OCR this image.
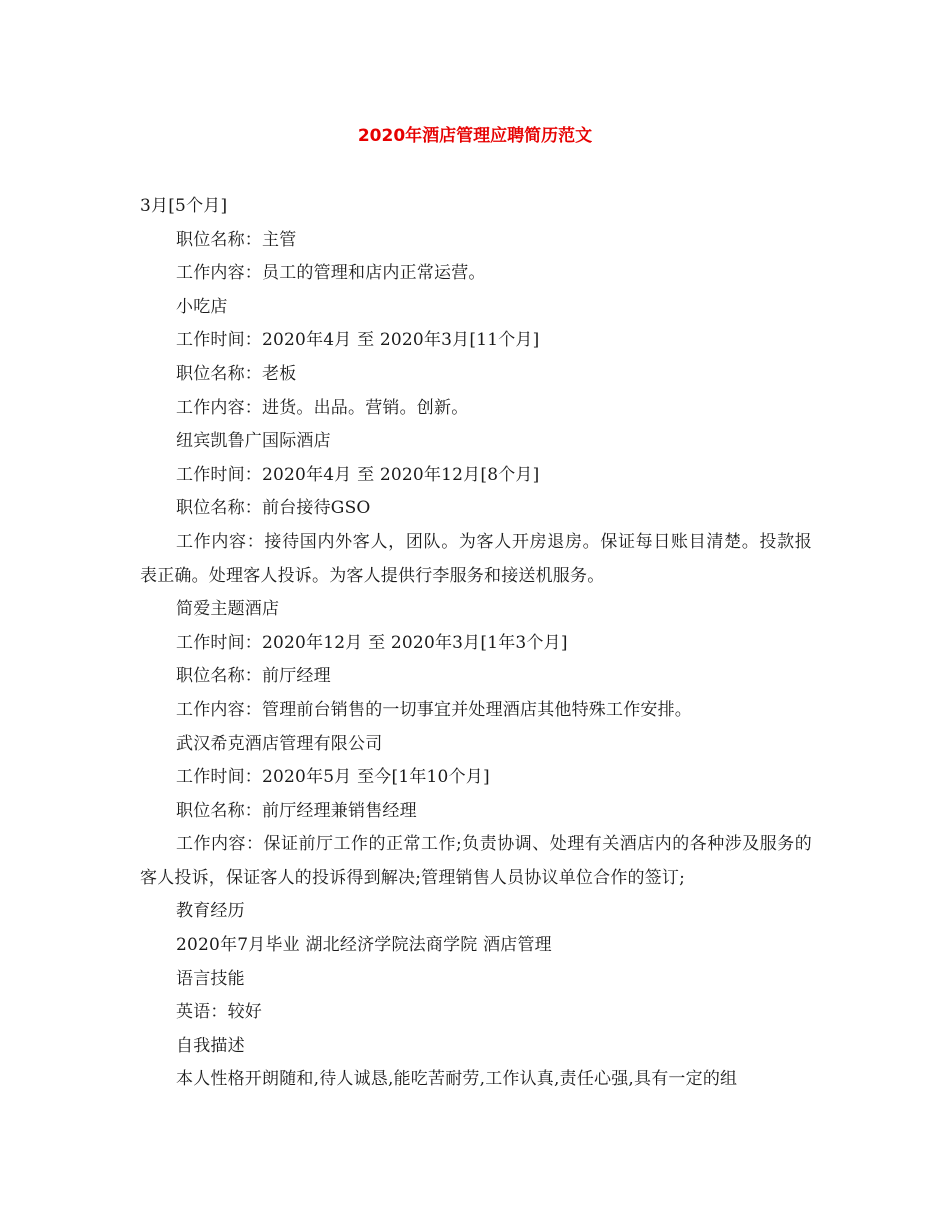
2020年酒店管理应聘简历范文
3月[5个月]
职位名称：主管
工作内容：员工的管理和店内正常运营。
小吃店
工作时间：2020年4月 至 2020年3月[11个月]
职位名称：老板
工作内容：进货。出品。营销。创新。
纽宾凯鲁广国际酒店
工作时间：2020年4月 至 2020年12月[8个月]
职位名称：前台接待GSO
工作内容：接待国内外客人，团队。为客人开房退房。保证每日账目清楚。投款报表正确。处理客人投诉。为客人提供行李服务和接送机服务。
简爱主题酒店
工作时间：2020年12月 至 2020年3月[1年3个月]
职位名称：前厅经理
工作内容：管理前台销售的一切事宜并处理酒店其他特殊工作安排。
武汉希克酒店管理有限公司
工作时间：2020年5月 至今[1年10个月]
职位名称：前厅经理兼销售经理
工作内容：保证前厅工作的正常工作;负责协调、处理有关酒店内的各种涉及服务的客人投诉，保证客人的投诉得到解决;管理销售人员协议单位合作的签订;
教育经历
2020年7月毕业 湖北经济学院法商学院 酒店管理
语言技能
英语：较好
自我描述
本人性格开朗随和,待人诚恳,能吃苦耐劳,工作认真,责任心强,具有一定的组
